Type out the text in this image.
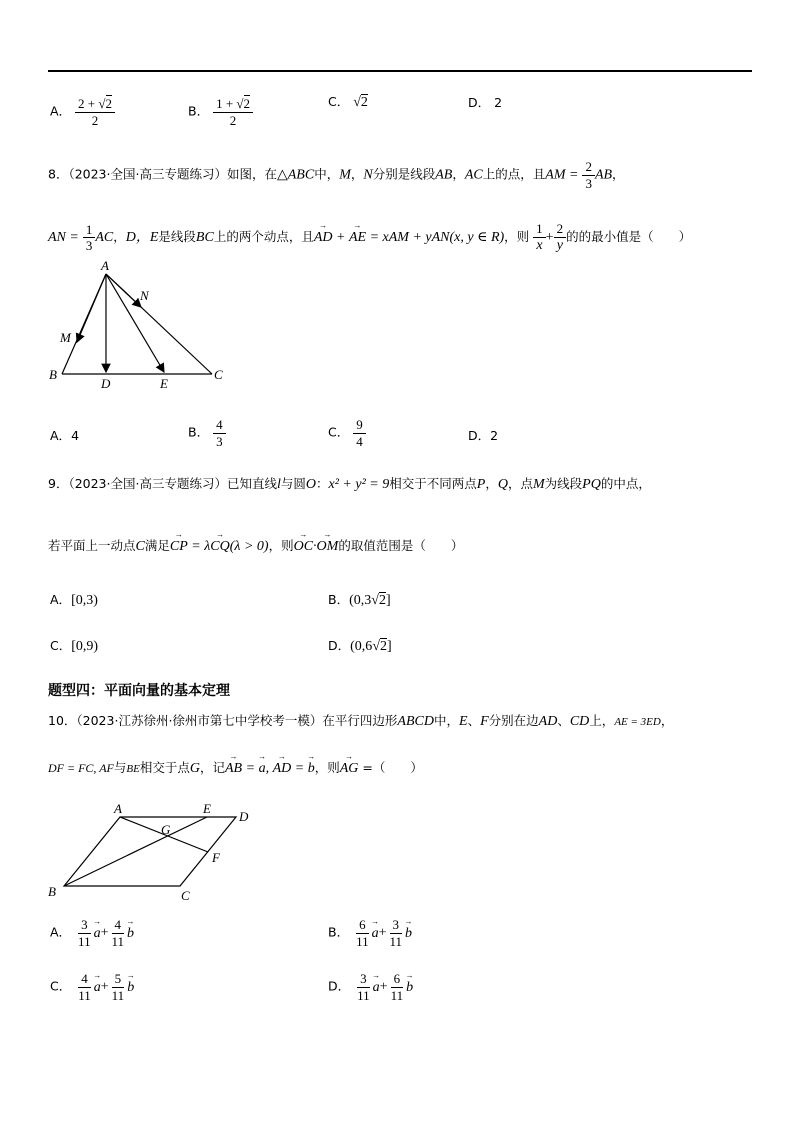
A． $\frac{2 + √2}{2}$	B． $\frac{1 + √2}{2}$	C． √2	D． 2
8．（2023·全国·高三专题练习）如图，在△ABC中，M，N分别是线段AB，AC上的点，且AM = $\frac{2}{3}$ AB，
AN = $\frac{1}{3}$ AC，D，E是线段BC上的两个动点，且→ AD + → AE = xAM + yAN(x, y ∈ R)，则 $\frac{1}{x} + \frac{2}{y}$ 的的最小值是（　　）
A
B	C
D	E
M
N
A．4	B． $\frac{4}{3}$	C． $\frac{9}{4}$	D．2
9．（2023·全国·高三专题练习）已知直线l与圆O：x² + y² = 9相交于不同两点P，Q，点M为线段PQ的中点，
若平面上一动点C满足→ CP = λ→ CQ(λ > 0)，则→ OC·→ OM的取值范围是（　　）
A．[0,3)	B．(0,3√2]
C．[0,9)	D．(0,6√2]
题型四：平面向量的基本定理
10．（2023·江苏徐州·徐州市第七中学校考一模）在平行四边形ABCD中，E、F分别在边AD、CD上，AE = 3ED，
DF = FC, AF与BE相交于点G，记→ AB = → a, → AD = → b，则→ AG =（　　）
A	E
D
G
F
B	C
A． $\frac{3}{11}$
→ $a+ \frac{4}{11}$
→ b	B． $\frac{6}{11}$
→ $a+ \frac{3}{11}$
→ b
C． $\frac{4}{11}$
→ $a+ \frac{5}{11}$
→ b	D． $\frac{3}{11}$
→ $a+ \frac{6}{11}$
→ b
